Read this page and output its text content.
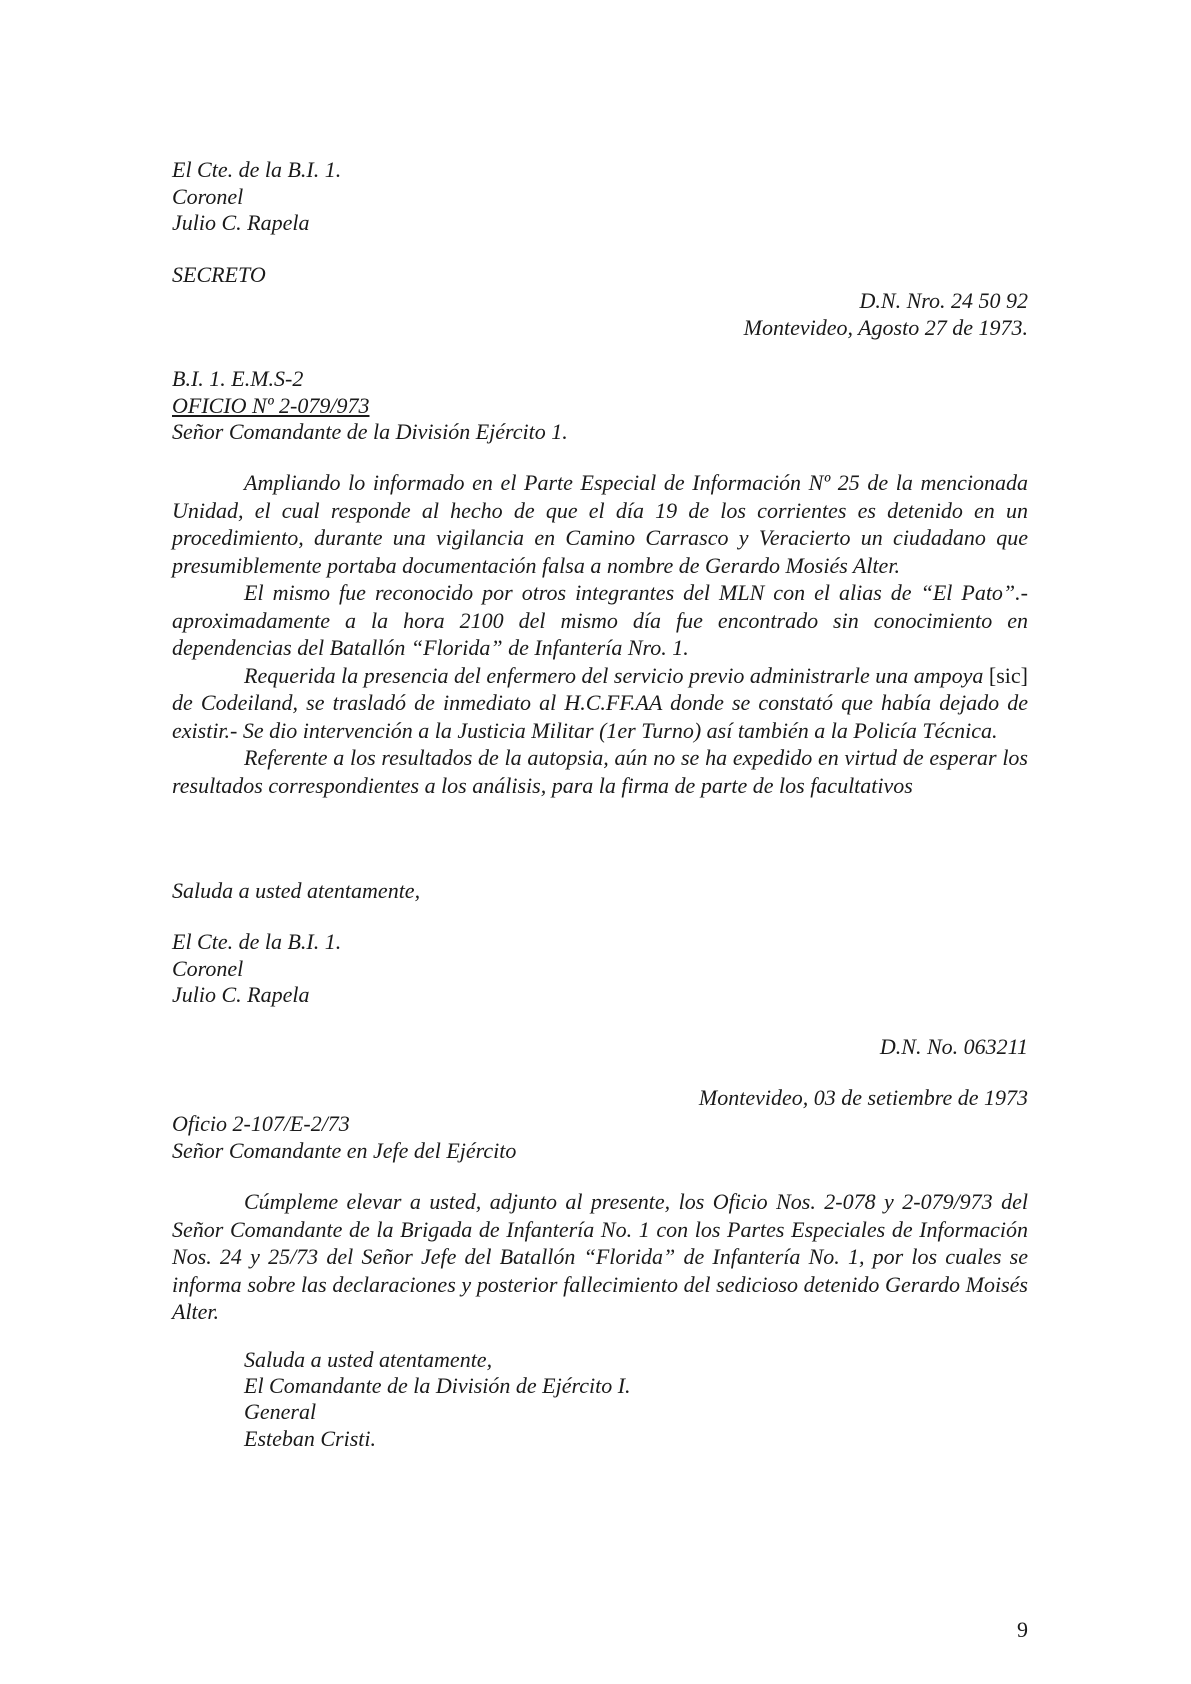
El Cte. de la B.I. 1.
Coronel
Julio C. Rapela
SECRETO
D.N. Nro. 24 50 92
Montevideo, Agosto 27 de 1973.
B.I. 1. E.M.S-2
OFICIO Nº 2-079/973
Señor Comandante de la División Ejército 1.

Ampliando lo informado en el Parte Especial de Información Nº 25 de la mencionada Unidad, el cual responde al hecho de que el día 19 de los corrientes es detenido en un procedimiento, durante una vigilancia en Camino Carrasco y Veracierto un ciudadano que presumiblemente portaba documentación falsa a nombre de Gerardo Mosiés Alter.

El mismo fue reconocido por otros integrantes del MLN con el alias de “El Pato”.- aproximadamente a la hora 2100 del mismo día fue encontrado sin conocimiento en dependencias del Batallón “Florida” de Infantería Nro. 1.

Requerida la presencia del enfermero del servicio previo administrarle una ampoya [sic] de Codeiland, se trasladó de inmediato al H.C.FF.AA donde se constató que había dejado de existir.- Se dio intervención a la Justicia Militar (1er Turno) así también a la Policía Técnica.

Referente a los resultados de la autopsia, aún no se ha expedido en virtud de esperar los resultados correspondientes a los análisis, para la firma de parte de los facultativos

Saluda a usted atentamente,
El Cte. de la B.I. 1.
Coronel
Julio C. Rapela
D.N. No. 063211
Montevideo, 03 de setiembre de 1973
Oficio 2-107/E-2/73
Señor Comandante en Jefe del Ejército

Cúmpleme elevar a usted, adjunto al presente, los Oficio Nos. 2-078 y 2-079/973 del Señor Comandante de la Brigada de Infantería No. 1 con los Partes Especiales de Información Nos. 24 y 25/73 del Señor Jefe del Batallón “Florida” de Infantería No. 1, por los cuales se informa sobre las declaraciones y posterior fallecimiento del sedicioso detenido Gerardo Moisés Alter.

Saluda a usted atentamente,
El Comandante de la División de Ejército I.
General
Esteban Cristi.
9
